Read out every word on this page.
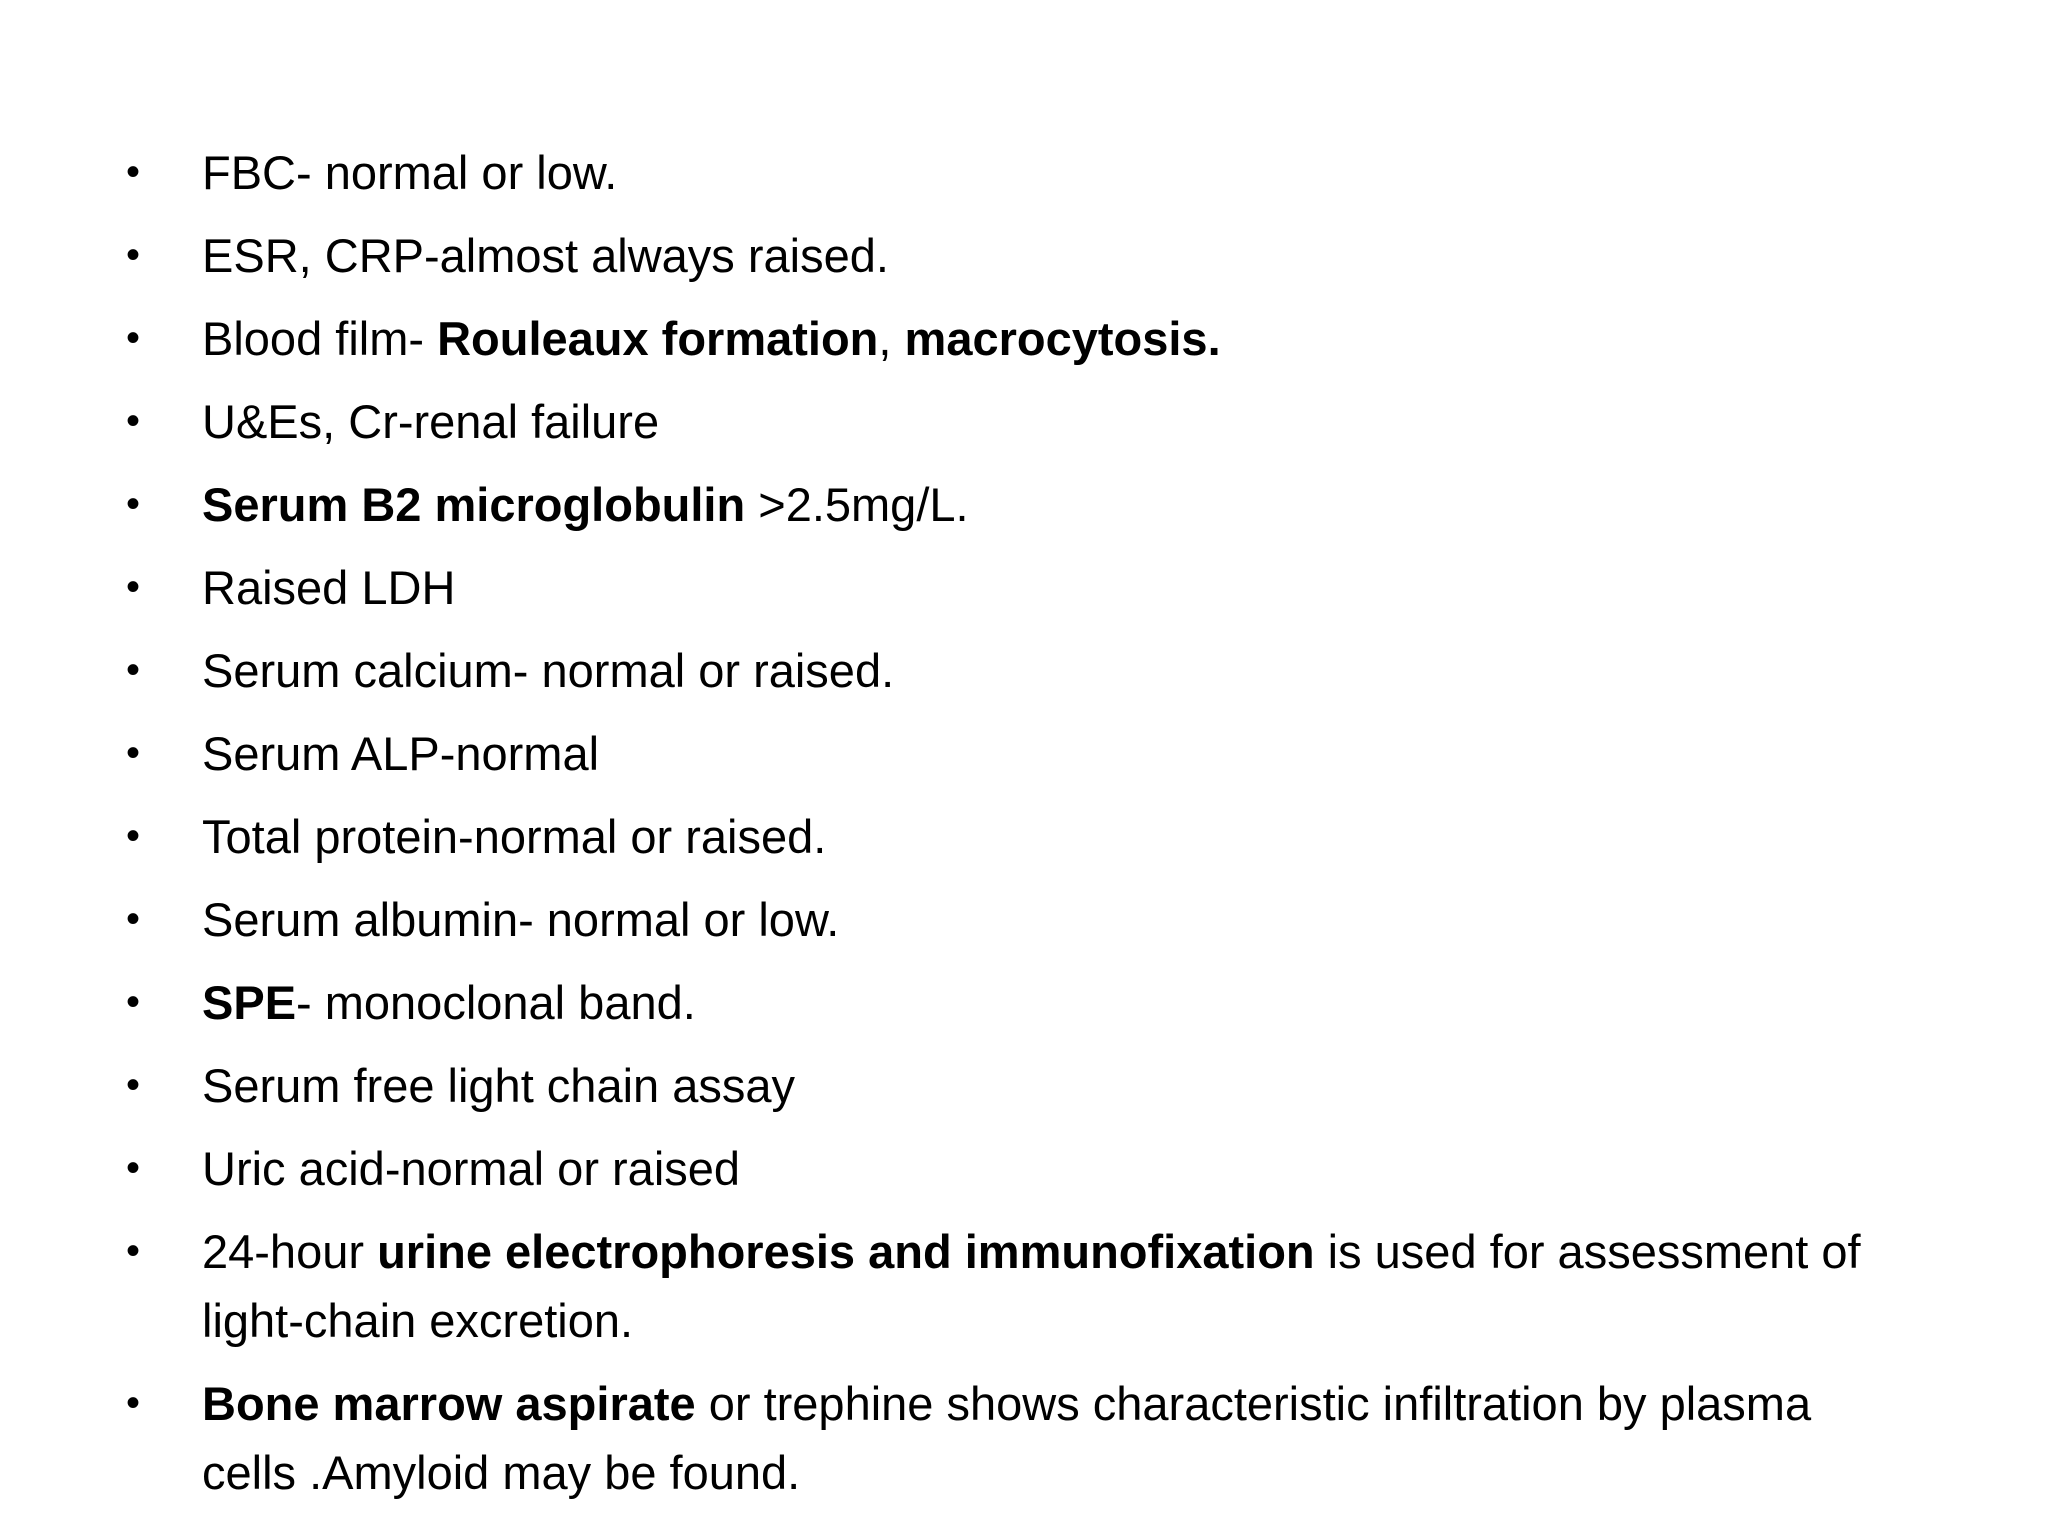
• FBC- normal or low.
• ESR, CRP-almost always raised.
• Blood film- Rouleaux formation, macrocytosis.
• U&Es, Cr-renal failure
• Serum B2 microglobulin >2.5mg/L.
• Raised LDH
• Serum calcium- normal or raised.
• Serum ALP-normal
• Total protein-normal or raised.
• Serum albumin- normal or low.
• SPE- monoclonal band.
• Serum free light chain assay
• Uric acid-normal or raised
• 24-hour urine electrophoresis and immunofixation is used for assessment of light-chain excretion.
• Bone marrow aspirate or trephine shows characteristic infiltration by plasma cells .Amyloid may be found.
